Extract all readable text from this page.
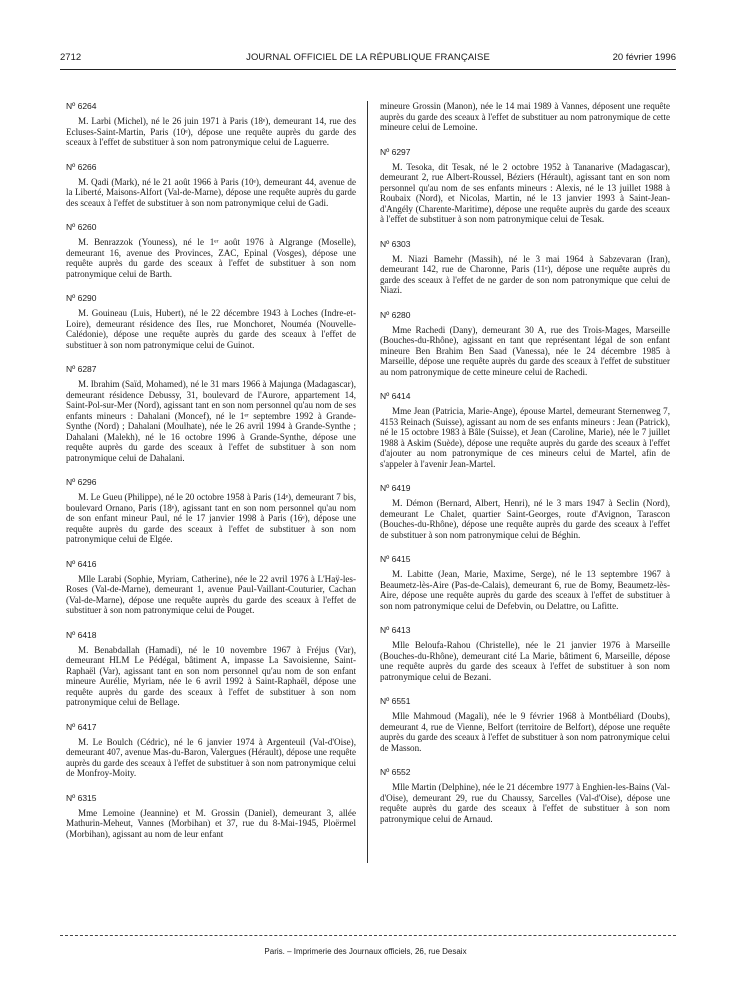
2712	JOURNAL OFFICIEL DE LA RÉPUBLIQUE FRANÇAISE	20 février 1996
Nº 6264

M. Larbi (Michel), né le 26 juin 1971 à Paris (18ᵉ), demeurant 14, rue des Ecluses-Saint-Martin, Paris (10ᵉ), dépose une requête auprès du garde des sceaux à l'effet de substituer à son nom patronymique celui de Laguerre.

Nº 6266

M. Qadi (Mark), né le 21 août 1966 à Paris (10ᵉ), demeurant 44, avenue de la Liberté, Maisons-Alfort (Val-de-Marne), dépose une requête auprès du garde des sceaux à l'effet de substituer à son nom patronymique celui de Gadi.

Nº 6260

M. Benrazzok (Youness), né le 1ᵉʳ août 1976 à Algrange (Moselle), demeurant 16, avenue des Provinces, ZAC, Epinal (Vosges), dépose une requête auprès du garde des sceaux à l'effet de substituer à son nom patronymique celui de Barth.

Nº 6290

M. Gouineau (Luis, Hubert), né le 22 décembre 1943 à Loches (Indre-et-Loire), demeurant résidence des Iles, rue Monchoret, Nouméa (Nouvelle-Calédonie), dépose une requête auprès du garde des sceaux à l'effet de substituer à son nom patronymique celui de Guinot.

Nº 6287

M. Ibrahim (Saïd, Mohamed), né le 31 mars 1966 à Majunga (Madagascar), demeurant résidence Debussy, 31, boulevard de l'Aurore, appartement 14, Saint-Pol-sur-Mer (Nord), agissant tant en son nom personnel qu'au nom de ses enfants mineurs : Dahalani (Moncef), né le 1ᵉʳ septembre 1992 à Grande-Synthe (Nord) ; Dahalani (Moulhate), née le 26 avril 1994 à Grande-Synthe ; Dahalani (Malekh), né le 16 octobre 1996 à Grande-Synthe, dépose une requête auprès du garde des sceaux à l'effet de substituer à son nom patronymique celui de Dahalani.

Nº 6296

M. Le Gueu (Philippe), né le 20 octobre 1958 à Paris (14ᵉ), demeurant 7 bis, boulevard Ornano, Paris (18ᵉ), agissant tant en son nom personnel qu'au nom de son enfant mineur Paul, né le 17 janvier 1998 à Paris (16ᵉ), dépose une requête auprès du garde des sceaux à l'effet de substituer à son nom patronymique celui de Elgée.

Nº 6416

Mlle Larabi (Sophie, Myriam, Catherine), née le 22 avril 1976 à L'Haÿ-les-Roses (Val-de-Marne), demeurant 1, avenue Paul-Vaillant-Couturier, Cachan (Val-de-Marne), dépose une requête auprès du garde des sceaux à l'effet de substituer à son nom patronymique celui de Pouget.

Nº 6418

M. Benabdallah (Hamadi), né le 10 novembre 1967 à Fréjus (Var), demeurant HLM Le Pédégal, bâtiment A, impasse La Savoisienne, Saint-Raphaël (Var), agissant tant en son nom personnel qu'au nom de son enfant mineure Aurélie, Myriam, née le 6 avril 1992 à Saint-Raphaël, dépose une requête auprès du garde des sceaux à l'effet de substituer à son nom patronymique celui de Bellage.

Nº 6417

M. Le Boulch (Cédric), né le 6 janvier 1974 à Argenteuil (Val-d'Oise), demeurant 407, avenue Mas-du-Baron, Valergues (Hérault), dépose une requête auprès du garde des sceaux à l'effet de substituer à son nom patronymique celui de Monfroy-Moity.

Nº 6315

Mme Lemoine (Jeannine) et M. Grossin (Daniel), demeurant 3, allée Mathurin-Meheut, Vannes (Morbihan) et 37, rue du 8-Mai-1945, Ploërmel (Morbihan), agissant au nom de leur enfant

mineure Grossin (Manon), née le 14 mai 1989 à Vannes, déposent une requête auprès du garde des sceaux à l'effet de substituer au nom patronymique de cette mineure celui de Lemoine.

Nº 6297

M. Tesoka, dit Tesak, né le 2 octobre 1952 à Tananarive (Madagascar), demeurant 2, rue Albert-Roussel, Béziers (Hérault), agissant tant en son nom personnel qu'au nom de ses enfants mineurs : Alexis, né le 13 juillet 1988 à Roubaix (Nord), et Nicolas, Martin, né le 13 janvier 1993 à Saint-Jean-d'Angély (Charente-Maritime), dépose une requête auprès du garde des sceaux à l'effet de substituer à son nom patronymique celui de Tesak.

Nº 6303

M. Niazi Bamehr (Massih), né le 3 mai 1964 à Sabzevaran (Iran), demeurant 142, rue de Charonne, Paris (11ᵉ), dépose une requête auprès du garde des sceaux à l'effet de ne garder de son nom patronymique que celui de Niazi.

Nº 6280

Mme Rachedi (Dany), demeurant 30 A, rue des Trois-Mages, Marseille (Bouches-du-Rhône), agissant en tant que représentant légal de son enfant mineure Ben Brahim Ben Saad (Vanessa), née le 24 décembre 1985 à Marseille, dépose une requête auprès du garde des sceaux à l'effet de substituer au nom patronymique de cette mineure celui de Rachedi.

Nº 6414

Mme Jean (Patricia, Marie-Ange), épouse Martel, demeurant Sternenweg 7, 4153 Reinach (Suisse), agissant au nom de ses enfants mineurs : Jean (Patrick), né le 15 octobre 1983 à Bâle (Suisse), et Jean (Caroline, Marie), née le 7 juillet 1988 à Askim (Suède), dépose une requête auprès du garde des sceaux à l'effet d'ajouter au nom patronymique de ces mineurs celui de Martel, afin de s'appeler à l'avenir Jean-Martel.

Nº 6419

M. Démon (Bernard, Albert, Henri), né le 3 mars 1947 à Seclin (Nord), demeurant Le Chalet, quartier Saint-Georges, route d'Avignon, Tarascon (Bouches-du-Rhône), dépose une requête auprès du garde des sceaux à l'effet de substituer à son nom patronymique celui de Béghin.

Nº 6415

M. Labitte (Jean, Marie, Maxime, Serge), né le 13 septembre 1967 à Beaumetz-lès-Aire (Pas-de-Calais), demeurant 6, rue de Bomy, Beaumetz-lès-Aire, dépose une requête auprès du garde des sceaux à l'effet de substituer à son nom patronymique celui de Defebvin, ou Delattre, ou Lafitte.

Nº 6413

Mlle Beloufa-Rahou (Christelle), née le 21 janvier 1976 à Marseille (Bouches-du-Rhône), demeurant cité La Marie, bâtiment 6, Marseille, dépose une requête auprès du garde des sceaux à l'effet de substituer à son nom patronymique celui de Bezani.

Nº 6551

Mlle Mahmoud (Magali), née le 9 février 1968 à Montbéliard (Doubs), demeurant 4, rue de Vienne, Belfort (territoire de Belfort), dépose une requête auprès du garde des sceaux à l'effet de substituer à son nom patronymique celui de Masson.

Nº 6552

Mlle Martin (Delphine), née le 21 décembre 1977 à Enghien-les-Bains (Val-d'Oise), demeurant 29, rue du Chaussy, Sarcelles (Val-d'Oise), dépose une requête auprès du garde des sceaux à l'effet de substituer à son nom patronymique celui de Arnaud.

Paris. – Imprimerie des Journaux officiels, 26, rue Desaix
